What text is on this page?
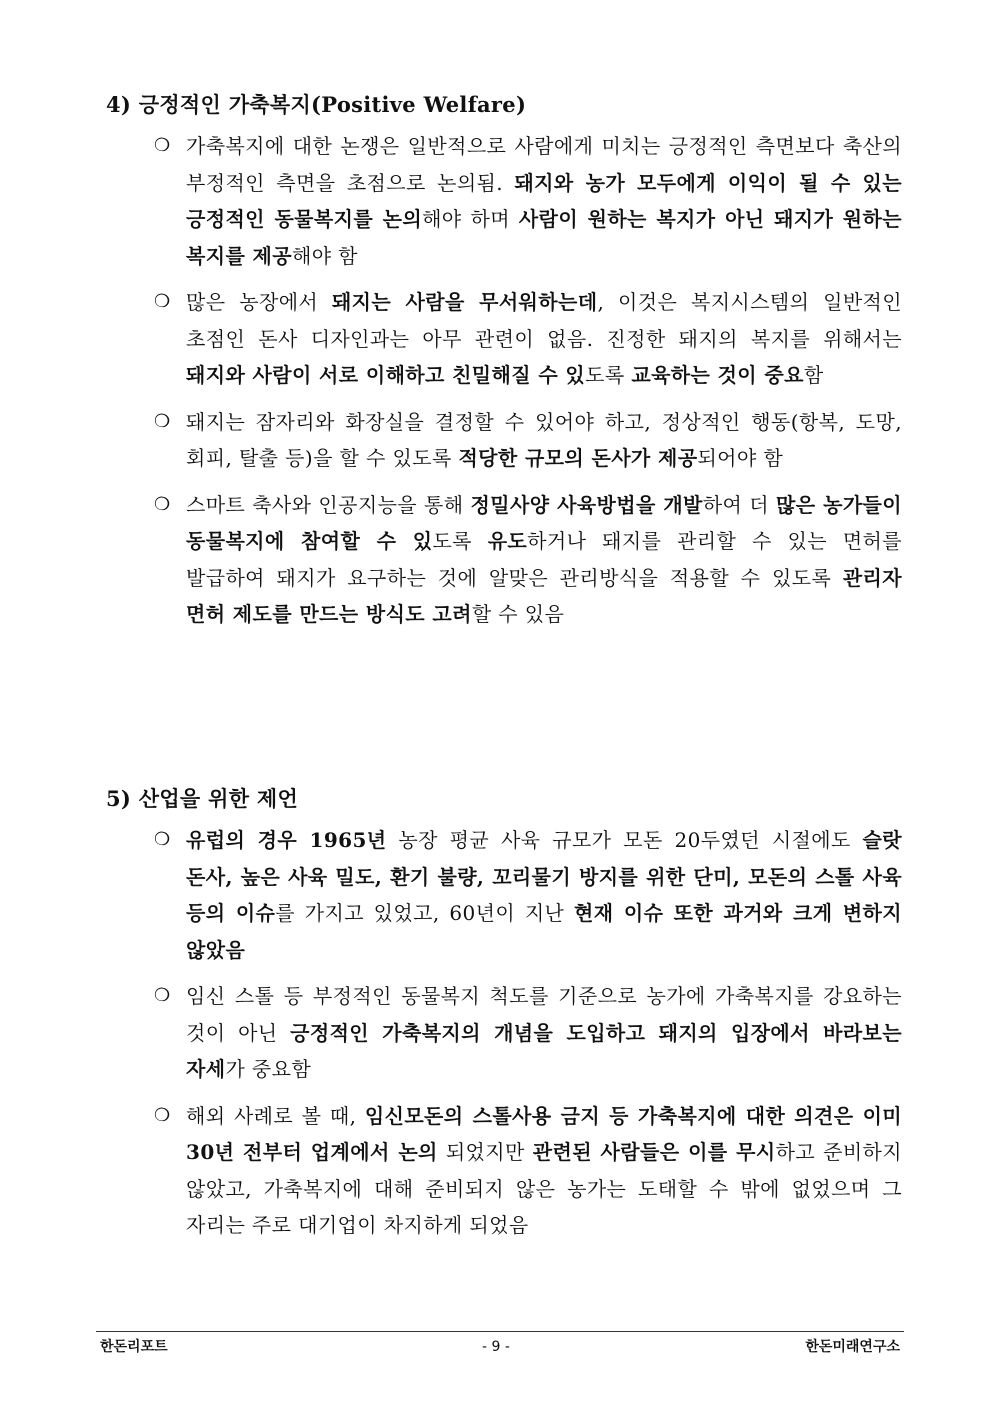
4) 긍정적인 가축복지(Positive Welfare)
❍ 가축복지에 대한 논쟁은 일반적으로 사람에게 미치는 긍정적인 측면보다 축산의 부정적인 측면을 초점으로 논의됨. 돼지와 농가 모두에게 이익이 될 수 있는 긍정적인 동물복지를 논의해야 하며 사람이 원하는 복지가 아닌 돼지가 원하는 복지를 제공해야 함
❍ 많은 농장에서 돼지는 사람을 무서워하는데, 이것은 복지시스템의 일반적인 초점인 돈사 디자인과는 아무 관련이 없음. 진정한 돼지의 복지를 위해서는 돼지와 사람이 서로 이해하고 친밀해질 수 있도록 교육하는 것이 중요함
❍ 돼지는 잠자리와 화장실을 결정할 수 있어야 하고, 정상적인 행동(항복, 도망, 회피, 탈출 등)을 할 수 있도록 적당한 규모의 돈사가 제공되어야 함
❍ 스마트 축사와 인공지능을 통해 정밀사양 사육방법을 개발하여 더 많은 농가들이 동물복지에 참여할 수 있도록 유도하거나 돼지를 관리할 수 있는 면허를 발급하여 돼지가 요구하는 것에 알맞은 관리방식을 적용할 수 있도록 관리자 면허 제도를 만드는 방식도 고려할 수 있음
5) 산업을 위한 제언
❍ 유럽의 경우 1965년 농장 평균 사육 규모가 모돈 20두였던 시절에도 슬랏 돈사, 높은 사육 밀도, 환기 불량, 꼬리물기 방지를 위한 단미, 모돈의 스톨 사육 등의 이슈를 가지고 있었고, 60년이 지난 현재 이슈 또한 과거와 크게 변하지 않았음
❍ 임신 스톨 등 부정적인 동물복지 척도를 기준으로 농가에 가축복지를 강요하는 것이 아닌 긍정적인 가축복지의 개념을 도입하고 돼지의 입장에서 바라보는 자세가 중요함
❍ 해외 사례로 볼 때, 임신모돈의 스톨사용 금지 등 가축복지에 대한 의견은 이미 30년 전부터 업계에서 논의 되었지만 관련된 사람들은 이를 무시하고 준비하지 않았고, 가축복지에 대해 준비되지 않은 농가는 도태할 수 밖에 없었으며 그 자리는 주로 대기업이 차지하게 되었음
한돈리포트	- 9 -	한돈미래연구소
